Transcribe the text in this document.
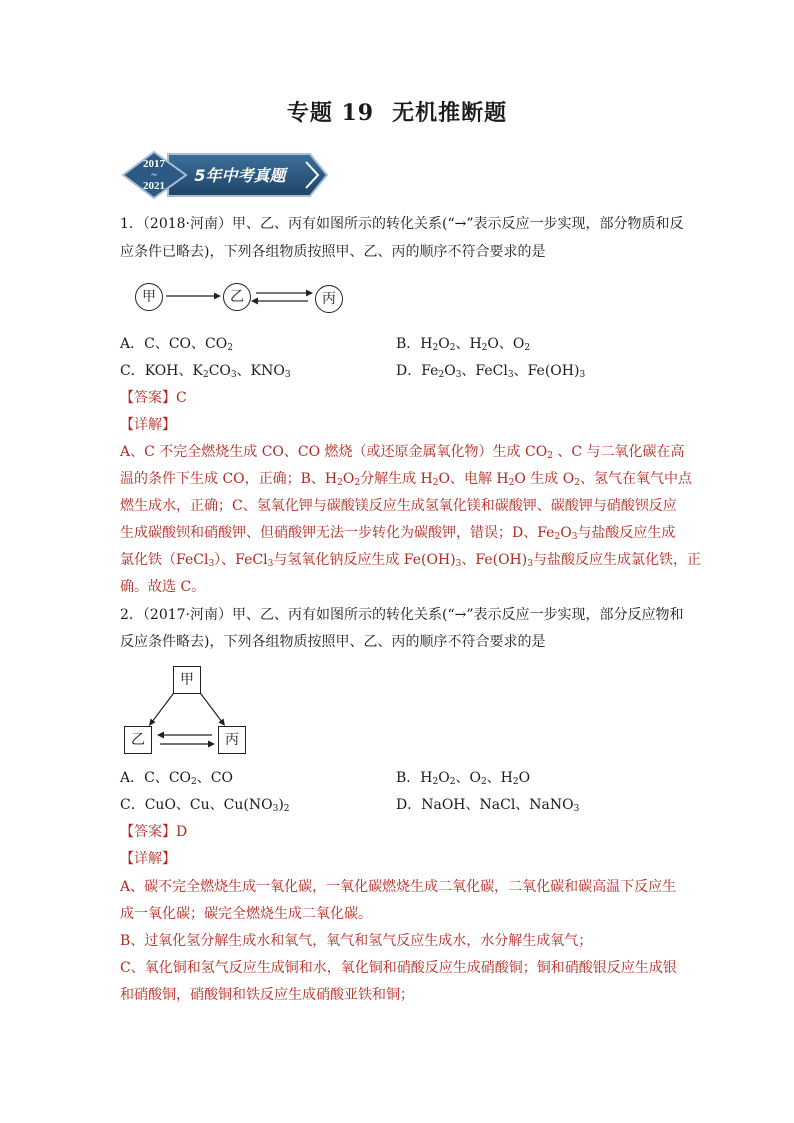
专题 19 无机推断题
2017
~
2021
5年中考真题
1．（2018·河南）甲、乙、丙有如图所示的转化关系(“→”表示反应一步实现，部分物质和反
应条件已略去)，下列各组物质按照甲、乙、丙的顺序不符合要求的是
甲	乙	丙
A．C、CO、$CO_2$	B．$H_2O_2$、$H_2O$、$O_2$
C．KOH、$K_2CO_3$、$KNO_3$	D．$Fe_2O_3$、FeCl$_3$、$Fe(OH)_3$
【答案】C
【详解】
A、C 不完全燃烧生成 CO、CO 燃烧（或还原金属氧化物）生成 $CO_2$ 、C 与二氧化碳在高
温的条件下生成 CO，正确；B、$H_2O_2$分解生成 $H_2O$、电解 $H_2O$ 生成 $O_2$、氢气在氧气中点
燃生成水，正确；C、氢氧化钾与碳酸镁反应生成氢氧化镁和碳酸钾、碳酸钾与硝酸钡反应
生成碳酸钡和硝酸钾、但硝酸钾无法一步转化为碳酸钾，错误；D、$Fe_2O_3$与盐酸反应生成
氯化铁（FeCl$_3$）、FeCl$_3$与氢氧化钠反应生成 $Fe(OH)_3$、$Fe(OH)_3$与盐酸反应生成氯化铁，正
确。故选 C。
2．（2017·河南）甲、乙、丙有如图所示的转化关系(“→”表示反应一步实现，部分反应物和
反应条件略去)，下列各组物质按照甲、乙、丙的顺序不符合要求的是
甲
乙	丙
A．C、$CO_2$、CO	B．$H_2O_2$、$O_2$、$H_2O$
C．CuO、Cu、$Cu(NO_3)_2$	D．NaOH、NaCl、NaNO$_3$
【答案】D
【详解】
A、碳不完全燃烧生成一氧化碳，一氧化碳燃烧生成二氧化碳，二氧化碳和碳高温下反应生
成一氧化碳；碳完全燃烧生成二氧化碳。
B、过氧化氢分解生成水和氧气，氧气和氢气反应生成水，水分解生成氧气；
C、氧化铜和氢气反应生成铜和水，氧化铜和硝酸反应生成硝酸铜；铜和硝酸银反应生成银
和硝酸铜，硝酸铜和铁反应生成硝酸亚铁和铜；
